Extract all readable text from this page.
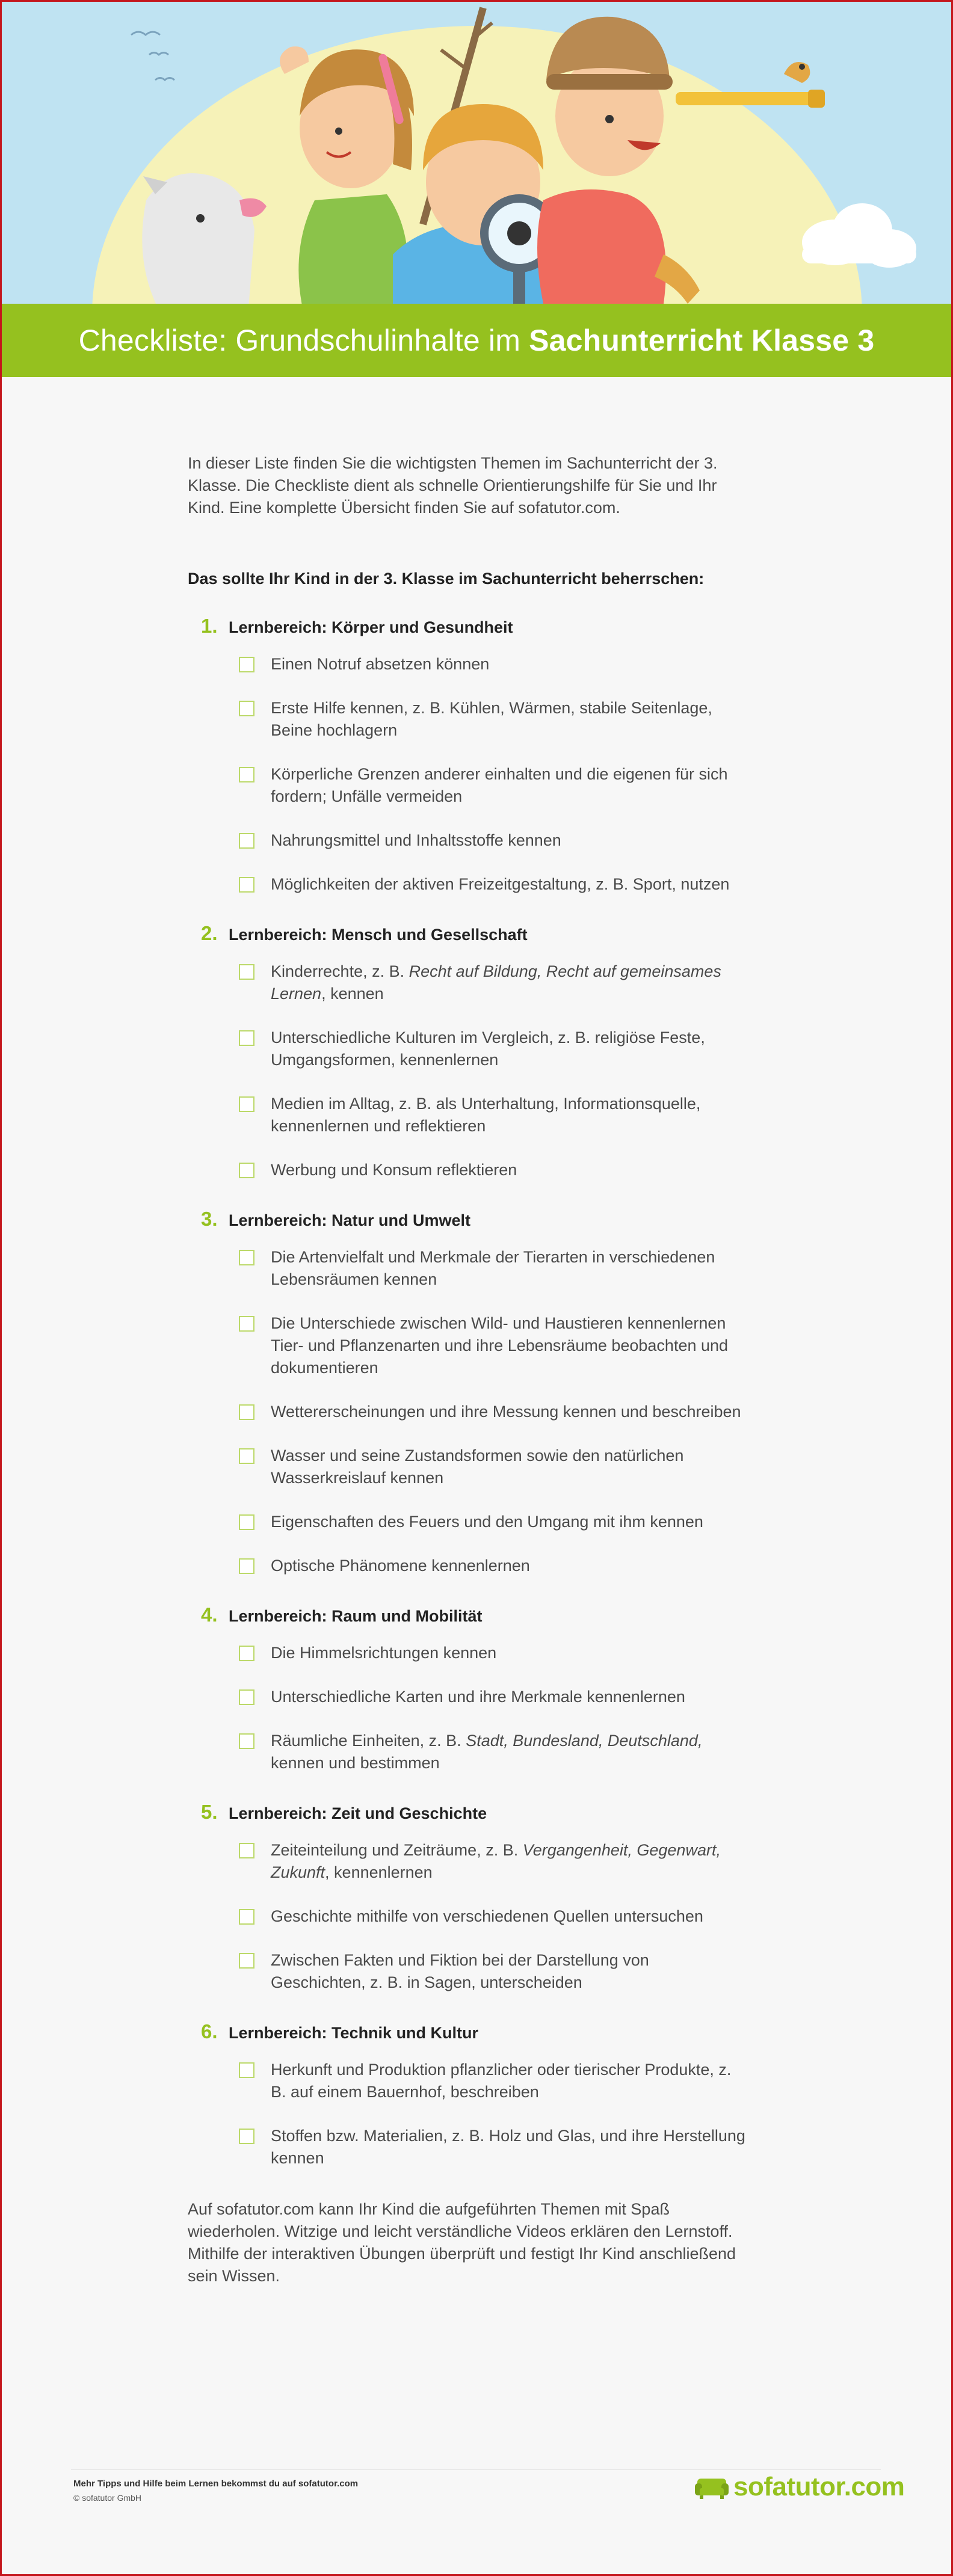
Checkliste: Grundschulinhalte im Sachunterricht Klasse 3

In dieser Liste finden Sie die wichtigsten Themen im Sachunterricht der 3. Klasse. Die Checkliste dient als schnelle Orientierungshilfe für Sie und Ihr Kind. Eine komplette Übersicht finden Sie auf sofatutor.com.

Das sollte Ihr Kind in der 3. Klasse im Sachunterricht beherrschen:

1. Lernbereich: Körper und Gesundheit
Einen Notruf absetzen können
Erste Hilfe kennen, z. B. Kühlen, Wärmen, stabile Seitenlage, Beine hochlagern
Körperliche Grenzen anderer einhalten und die eigenen für sich fordern; Unfälle vermeiden
Nahrungsmittel und Inhaltsstoffe kennen
Möglichkeiten der aktiven Freizeitgestaltung, z. B. Sport, nutzen
2. Lernbereich: Mensch und Gesellschaft
Kinderrechte, z. B. Recht auf Bildung, Recht auf gemeinsames Lernen, kennen
Unterschiedliche Kulturen im Vergleich, z. B. religiöse Feste, Umgangsformen, kennenlernen
Medien im Alltag, z. B. als Unterhaltung, Informationsquelle, kennenlernen und reflektieren
Werbung und Konsum reflektieren
3. Lernbereich: Natur und Umwelt
Die Artenvielfalt und Merkmale der Tierarten in verschiedenen Lebensräumen kennen
Die Unterschiede zwischen Wild- und Haustieren kennenlernen Tier- und Pflanzenarten und ihre Lebensräume beobachten und dokumentieren
Wettererscheinungen und ihre Messung kennen und beschreiben
Wasser und seine Zustandsformen sowie den natürlichen Wasserkreislauf kennen
Eigenschaften des Feuers und den Umgang mit ihm kennen
Optische Phänomene kennenlernen
4. Lernbereich: Raum und Mobilität
Die Himmelsrichtungen kennen
Unterschiedliche Karten und ihre Merkmale kennenlernen
Räumliche Einheiten, z. B. Stadt, Bundesland, Deutschland, kennen und bestimmen
5. Lernbereich: Zeit und Geschichte
Zeiteinteilung und Zeiträume, z. B. Vergangenheit, Gegenwart, Zukunft, kennenlernen
Geschichte mithilfe von verschiedenen Quellen untersuchen
Zwischen Fakten und Fiktion bei der Darstellung von Geschichten, z. B. in Sagen, unterscheiden
6. Lernbereich: Technik und Kultur
Herkunft und Produktion pflanzlicher oder tierischer Produkte, z. B. auf einem Bauernhof, beschreiben
Stoffen bzw. Materialien, z. B. Holz und Glas, und ihre Herstellung kennen

Auf sofatutor.com kann Ihr Kind die aufgeführten Themen mit Spaß wiederholen. Witzige und leicht verständliche Videos erklären den Lernstoff. Mithilfe der interaktiven Übungen überprüft und festigt Ihr Kind anschließend sein Wissen.

Mehr Tipps und Hilfe beim Lernen bekommst du auf sofatutor.com
© sofatutor GmbH	sofatutor.com
